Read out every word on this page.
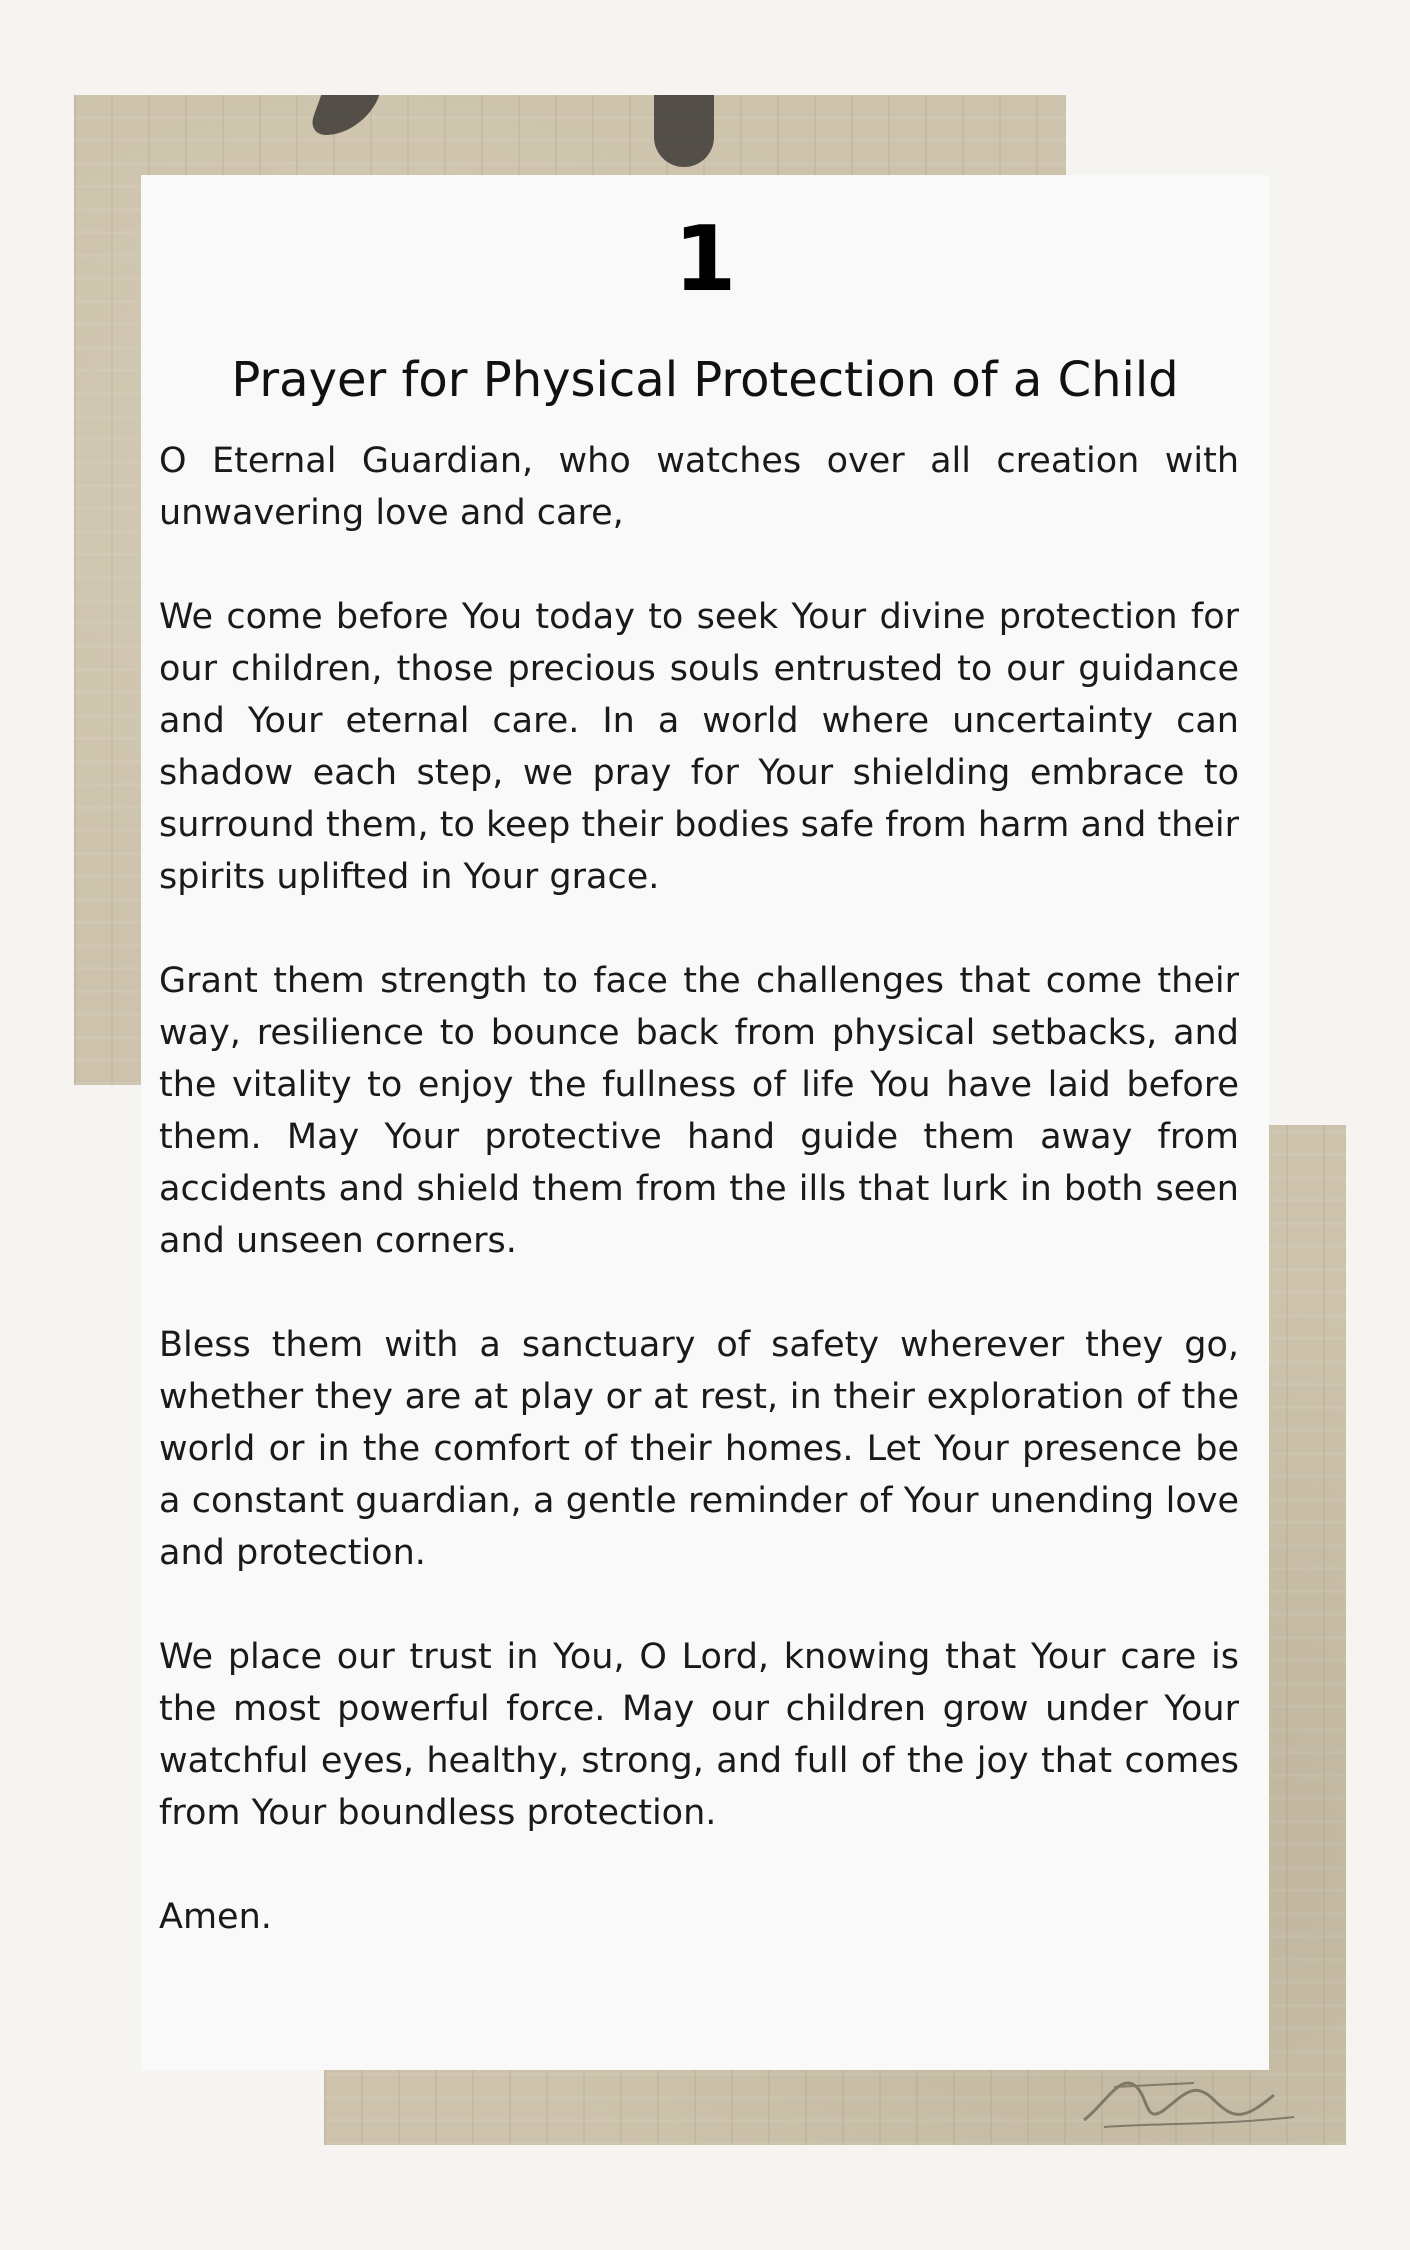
1
Prayer for Physical Protection of a Child

O Eternal Guardian, who watches over all creation with unwavering love and care,

We come before You today to seek Your divine protection for our children, those precious souls entrusted to our guidance and Your eternal care. In a world where uncertainty can shadow each step, we pray for Your shielding embrace to surround them, to keep their bodies safe from harm and their spirits uplifted in Your grace.

Grant them strength to face the challenges that come their way, resilience to bounce back from physical setbacks, and the vitality to enjoy the fullness of life You have laid before them. May Your protective hand guide them away from accidents and shield them from the ills that lurk in both seen and unseen corners.

Bless them with a sanctuary of safety wherever they go, whether they are at play or at rest, in their exploration of the world or in the comfort of their homes. Let Your presence be a constant guardian, a gentle reminder of Your unending love and protection.

We place our trust in You, O Lord, knowing that Your care is the most powerful force. May our children grow under Your watchful eyes, healthy, strong, and full of the joy that comes from Your boundless protection.

Amen.
